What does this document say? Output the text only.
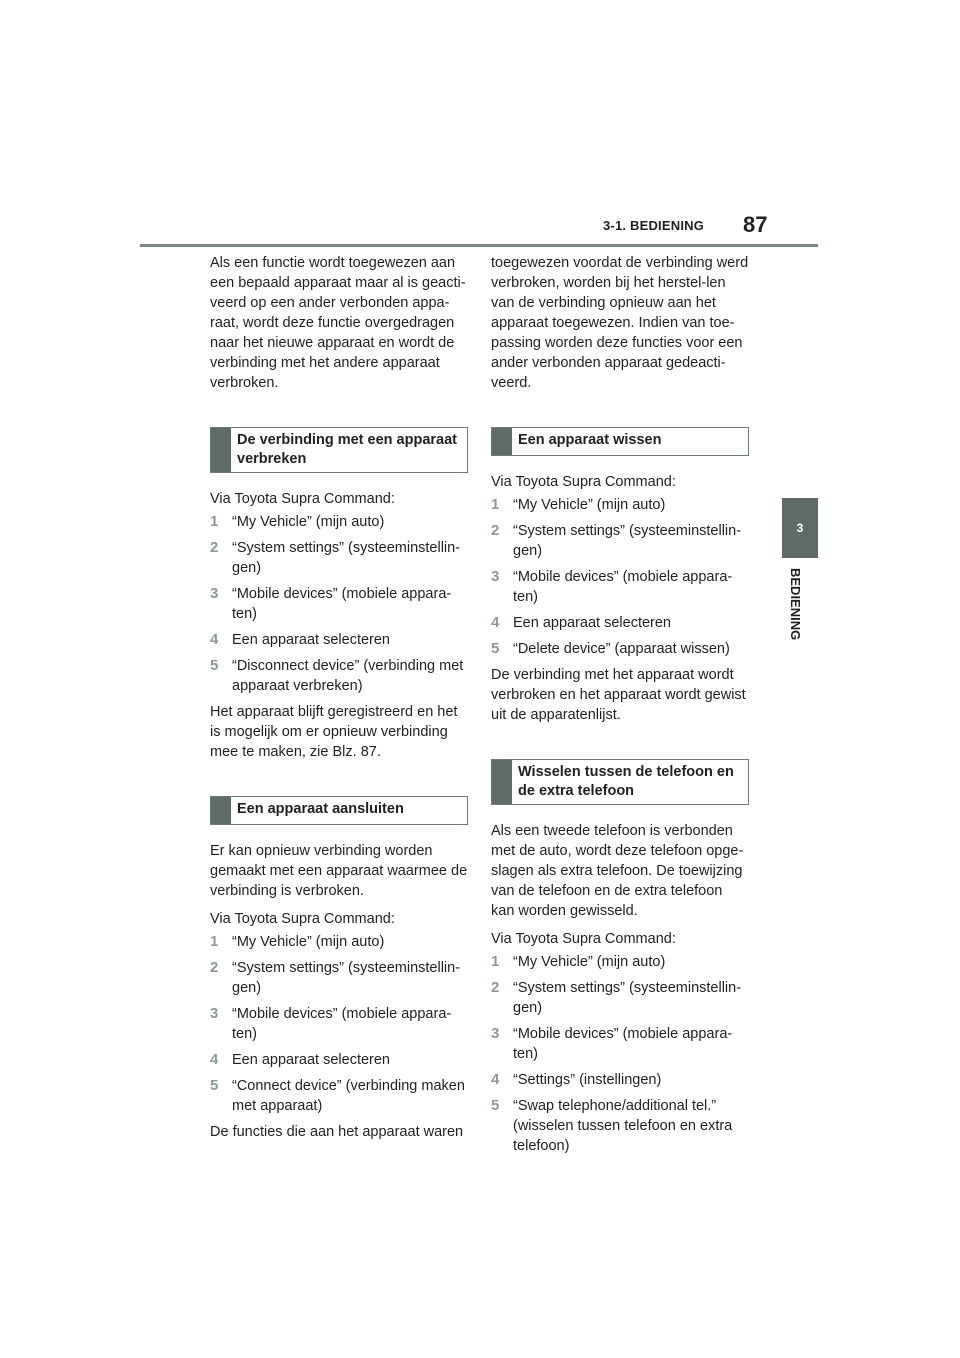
3-1. BEDIENING 87
3
BEDIENING

Als een functie wordt toegewezen aan een bepaald apparaat maar al is geacti-veerd op een ander verbonden appa-raat, wordt deze functie overgedragen naar het nieuwe apparaat en wordt de verbinding met het andere apparaat verbroken.

De verbinding met een apparaat verbreken

Via Toyota Supra Command:

1 “My Vehicle” (mijn auto)
2 “System settings” (systeeminstellin-gen)
3 “Mobile devices” (mobiele appara-ten)
4 Een apparaat selecteren
5 “Disconnect device” (verbinding met apparaat verbreken)

Het apparaat blijft geregistreerd en het is mogelijk om er opnieuw verbinding mee te maken, zie Blz. 87.

Een apparaat aansluiten

Er kan opnieuw verbinding worden gemaakt met een apparaat waarmee de verbinding is verbroken.

Via Toyota Supra Command:

1 “My Vehicle” (mijn auto)
2 “System settings” (systeeminstellin-gen)
3 “Mobile devices” (mobiele appara-ten)
4 Een apparaat selecteren
5 “Connect device” (verbinding maken met apparaat)

De functies die aan het apparaat waren

toegewezen voordat de verbinding werd verbroken, worden bij het herstel-len van de verbinding opnieuw aan het apparaat toegewezen. Indien van toe-passing worden deze functies voor een ander verbonden apparaat gedeacti-veerd.

Een apparaat wissen

Via Toyota Supra Command:

1 “My Vehicle” (mijn auto)
2 “System settings” (systeeminstellin-gen)
3 “Mobile devices” (mobiele appara-ten)
4 Een apparaat selecteren
5 “Delete device” (apparaat wissen)

De verbinding met het apparaat wordt verbroken en het apparaat wordt gewist uit de apparatenlijst.

Wisselen tussen de telefoon en de extra telefoon

Als een tweede telefoon is verbonden met de auto, wordt deze telefoon opge-slagen als extra telefoon. De toewijzing van de telefoon en de extra telefoon kan worden gewisseld.

Via Toyota Supra Command:

1 “My Vehicle” (mijn auto)
2 “System settings” (systeeminstellin-gen)
3 “Mobile devices” (mobiele appara-ten)
4 “Settings” (instellingen)
5 “Swap telephone/additional tel.” (wisselen tussen telefoon en extra telefoon)
